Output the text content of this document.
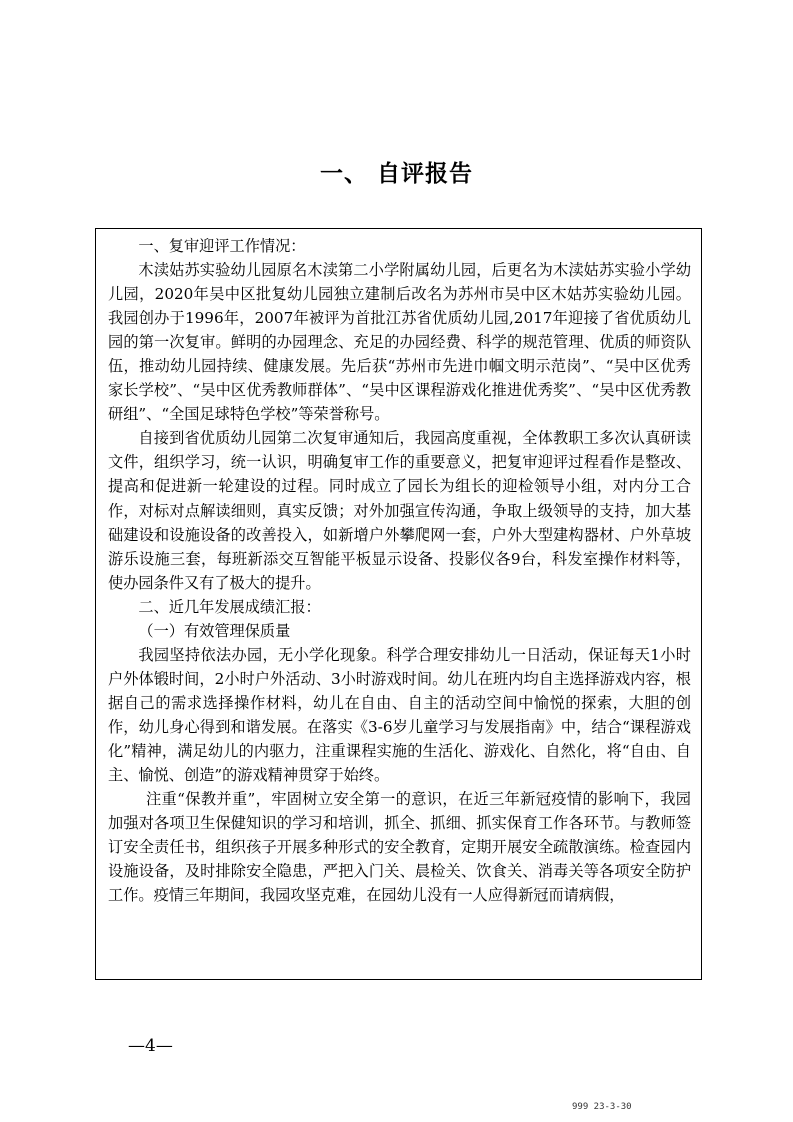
一、 自评报告

一、复审迎评工作情况：

木渎姑苏实验幼儿园原名木渎第二小学附属幼儿园，后更名为木渎姑苏实验小学幼儿园，2020年吴中区批复幼儿园独立建制后改名为苏州市吴中区木姑苏实验幼儿园。我园创办于1996年，2007年被评为首批江苏省优质幼儿园,2017年迎接了省优质幼儿园的第一次复审。鲜明的办园理念、充足的办园经费、科学的规范管理、优质的师资队伍，推动幼儿园持续、健康发展。先后获“苏州市先进巾帼文明示范岗”、“吴中区优秀家长学校”、“吴中区优秀教师群体”、“吴中区课程游戏化推进优秀奖”、“吴中区优秀教研组”、“全国足球特色学校”等荣誉称号。

自接到省优质幼儿园第二次复审通知后，我园高度重视，全体教职工多次认真研读文件，组织学习，统一认识，明确复审工作的重要意义，把复审迎评过程看作是整改、提高和促进新一轮建设的过程。同时成立了园长为组长的迎检领导小组，对内分工合作，对标对点解读细则，真实反馈；对外加强宣传沟通，争取上级领导的支持，加大基础建设和设施设备的改善投入，如新增户外攀爬网一套，户外大型建构器材、户外草坡游乐设施三套，每班新添交互智能平板显示设备、投影仪各9台，科发室操作材料等，使办园条件又有了极大的提升。

二、近几年发展成绩汇报：

（一）有效管理保质量

我园坚持依法办园，无小学化现象。科学合理安排幼儿一日活动，保证每天1小时户外体锻时间，2小时户外活动、3小时游戏时间。幼儿在班内均自主选择游戏内容，根据自己的需求选择操作材料，幼儿在自由、自主的活动空间中愉悦的探索，大胆的创作，幼儿身心得到和谐发展。在落实《3-6岁儿童学习与发展指南》中，结合“课程游戏化”精神，满足幼儿的内驱力，注重课程实施的生活化、游戏化、自然化，将“自由、自主、愉悦、创造”的游戏精神贯穿于始终。

注重“保教并重”，牢固树立安全第一的意识，在近三年新冠疫情的影响下，我园加强对各项卫生保健知识的学习和培训，抓全、抓细、抓实保育工作各环节。与教师签订安全责任书，组织孩子开展多种形式的安全教育，定期开展安全疏散演练。检查园内设施设备，及时排除安全隐患，严把入门关、晨检关、饮食关、消毒关等各项安全防护工作。疫情三年期间，我园攻坚克难，在园幼儿没有一人应得新冠而请病假，

—4—
999 23-3-30
